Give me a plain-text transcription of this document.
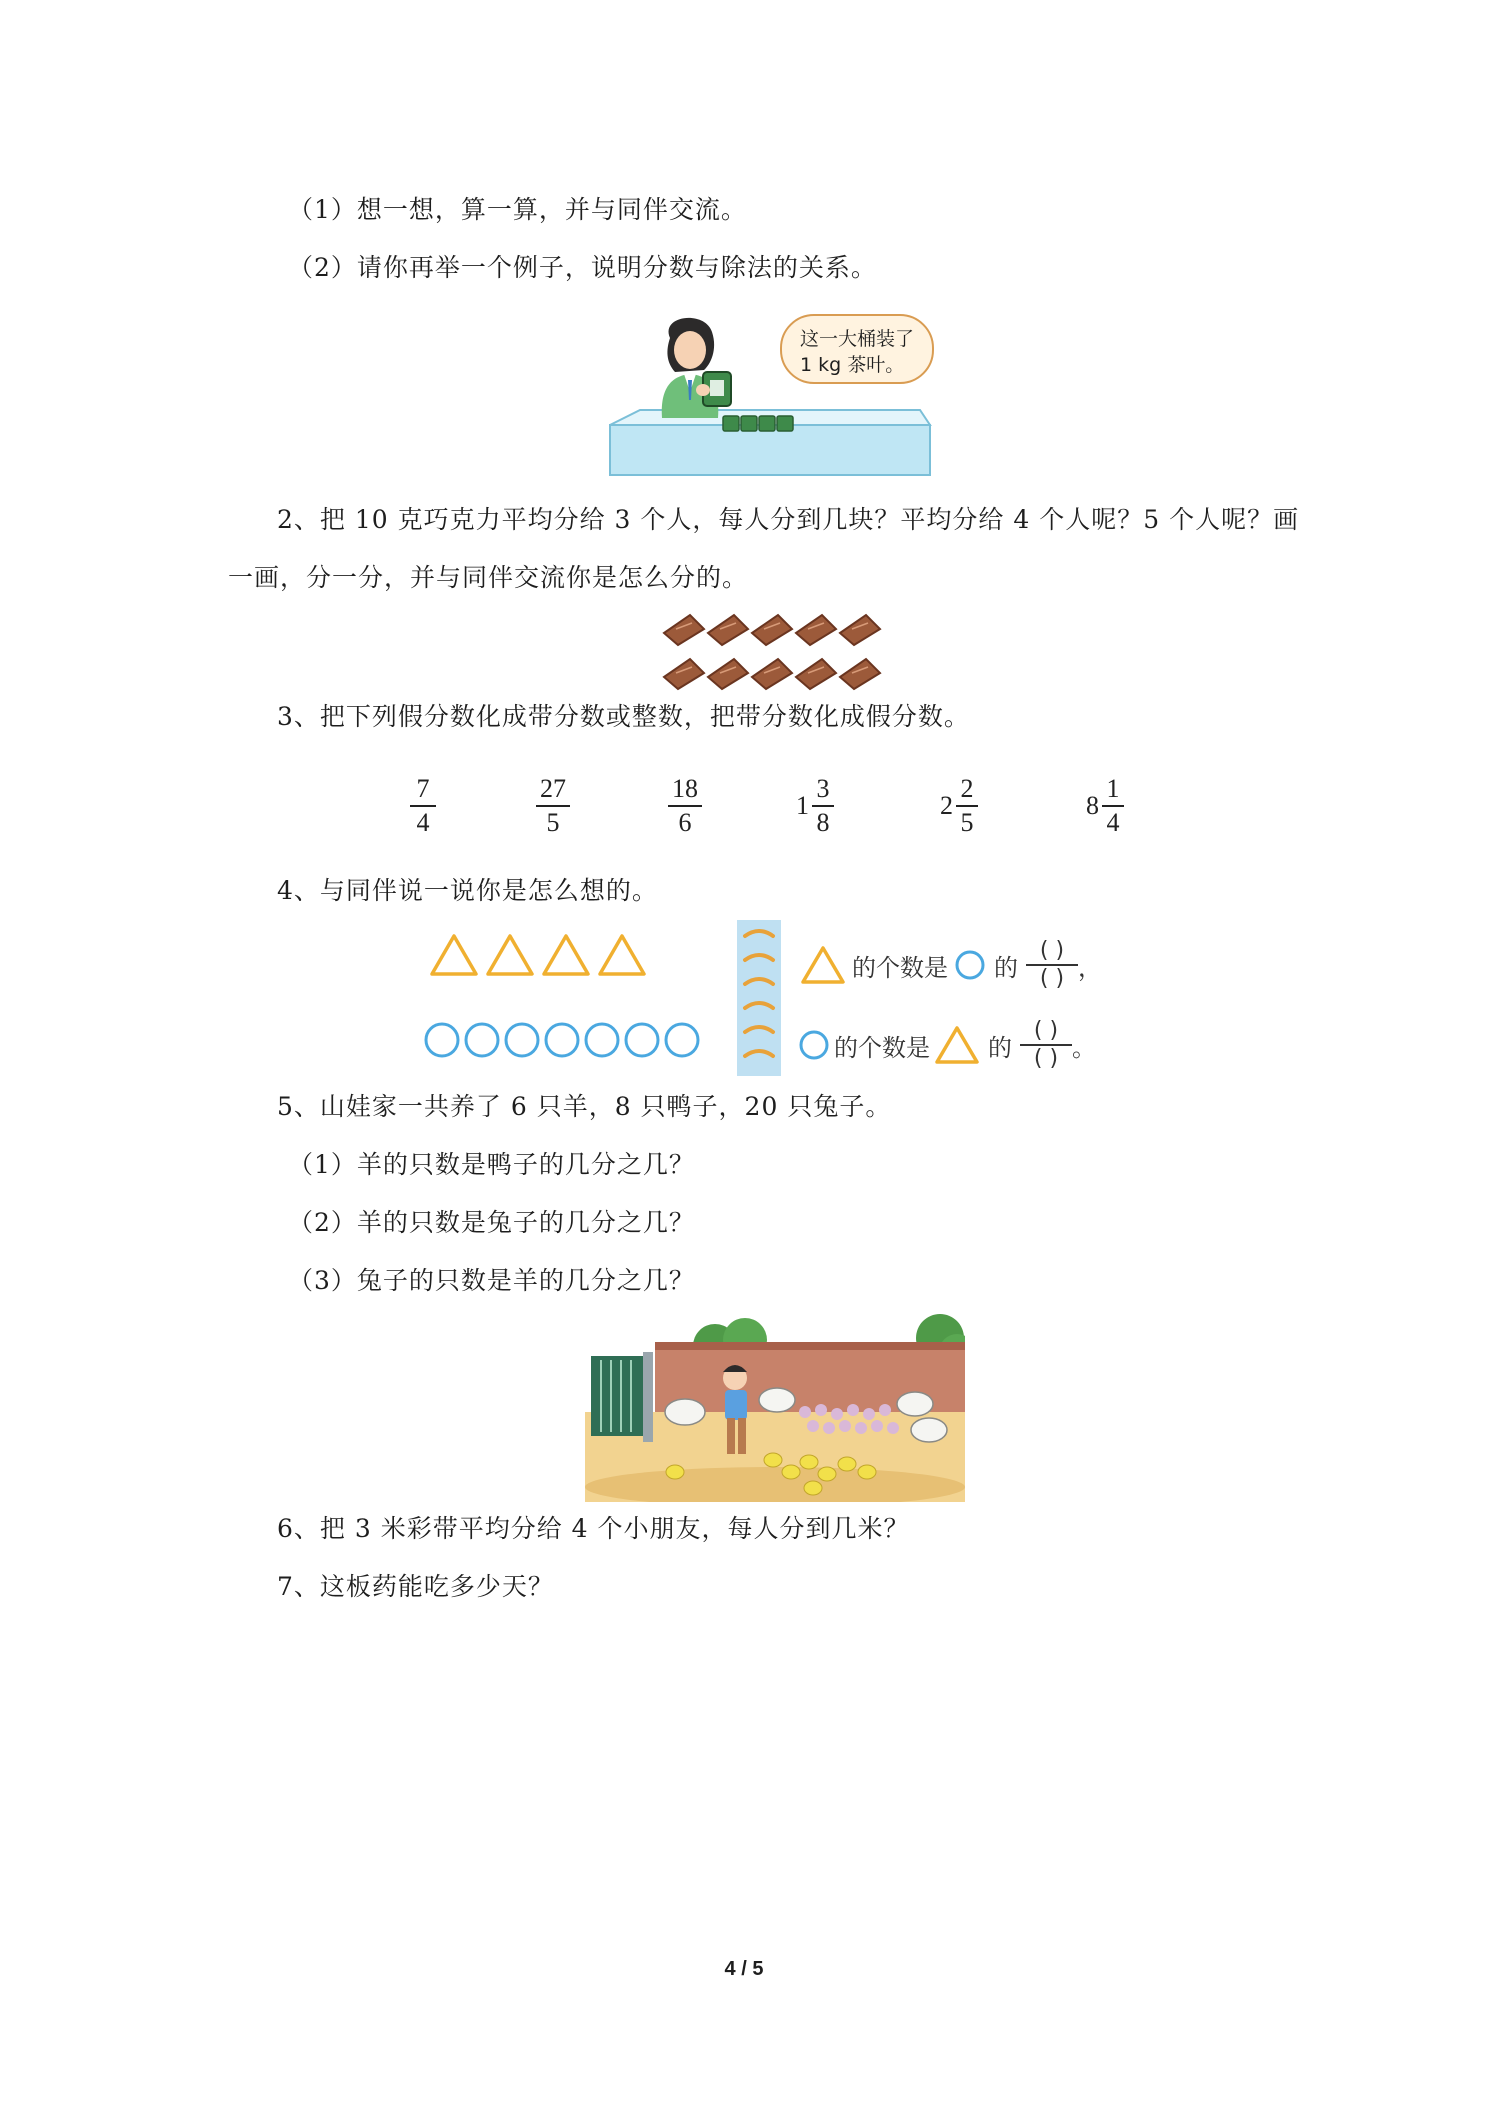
（1）想一想，算一算，并与同伴交流。
（2）请你再举一个例子，说明分数与除法的关系。
这一大桶装了
1 kg 茶叶。
2、把 10 克巧克力平均分给 3 个人，每人分到几块？平均分给 4 个人呢？5 个人呢？画
一画，分一分，并与同伴交流你是怎么分的。
3、把下列假分数化成带分数或整数，把带分数化成假分数。
7
4
27
5
18
6
1
3
8
2
2
5
8
1
4
4、与同伴说一说你是怎么想的。
的个数是 的
( )
( ) ，
的个数是 的
( )
( ) 。
5、山娃家一共养了 6 只羊，8 只鸭子，20 只兔子。
（1）羊的只数是鸭子的几分之几？
（2）羊的只数是兔子的几分之几？
（3）兔子的只数是羊的几分之几？
6、把 3 米彩带平均分给 4 个小朋友，每人分到几米？
7、这板药能吃多少天？
4 / 5
